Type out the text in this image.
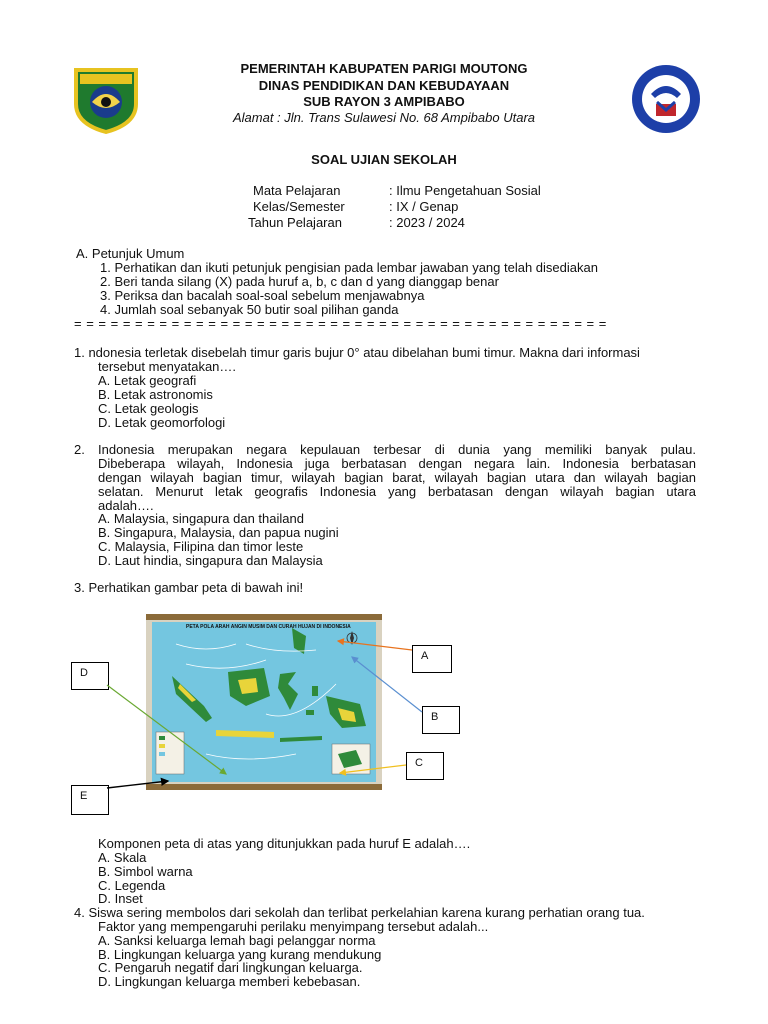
PEMERINTAH KABUPATEN PARIGI MOUTONG
DINAS PENDIDIKAN DAN KEBUDAYAAN
SUB RAYON 3 AMPIBABO
Alamat : Jln. Trans Sulawesi No. 68 Ampibabo Utara
SOAL UJIAN SEKOLAH
Mata Pelajaran	: Ilmu Pengetahuan Sosial
Kelas/Semester	: IX / Genap
Tahun Pelajaran	: 2023 / 2024
A. Petunjuk Umum
1. Perhatikan dan ikuti petunjuk pengisian pada lembar jawaban yang telah disediakan
2. Beri tanda silang (X) pada huruf a, b, c dan d yang dianggap benar
3. Periksa dan bacalah soal-soal sebelum menjawabnya
4. Jumlah soal sebanyak 50 butir soal pilihan ganda
= = = = = = = = = = = = = = = = = = = = = = = = = = = = = = = = = = = = = = = = = = = =
1. ndonesia terletak disebelah timur garis bujur 0° atau dibelahan bumi timur. Makna dari informasi
tersebut menyatakan….
A. Letak geografi
B. Letak astronomis
C. Letak geologis
D. Letak geomorfologi
2. Indonesia merupakan negara kepulauan terbesar di dunia yang memiliki banyak pulau.
Dibeberapa wilayah, Indonesia juga berbatasan dengan negara lain. Indonesia berbatasan
dengan wilayah bagian timur, wilayah bagian barat, wilayah bagian utara dan wilayah bagian
selatan. Menurut letak geografis Indonesia yang berbatasan dengan wilayah bagian utara
adalah….
A. Malaysia, singapura dan thailand
B. Singapura, Malaysia, dan papua nugini
C. Malaysia, Filipina dan timor leste
D. Laut hindia, singapura dan Malaysia
3. Perhatikan gambar peta di bawah ini!
PETA POLA ARAH ANGIN MUSIM DAN CURAH HUJAN DI INDONESIA
A
B
C
D
E
Komponen peta di atas yang ditunjukkan pada huruf E adalah….
A. Skala
B. Simbol warna
C. Legenda
D. Inset
4. Siswa sering membolos dari sekolah dan terlibat perkelahian karena kurang perhatian orang tua.
Faktor yang mempengaruhi perilaku menyimpang tersebut adalah...
A. Sanksi keluarga lemah bagi pelanggar norma
B. Lingkungan keluarga yang kurang mendukung
C. Pengaruh negatif dari lingkungan keluarga.
D. Lingkungan keluarga memberi kebebasan.
